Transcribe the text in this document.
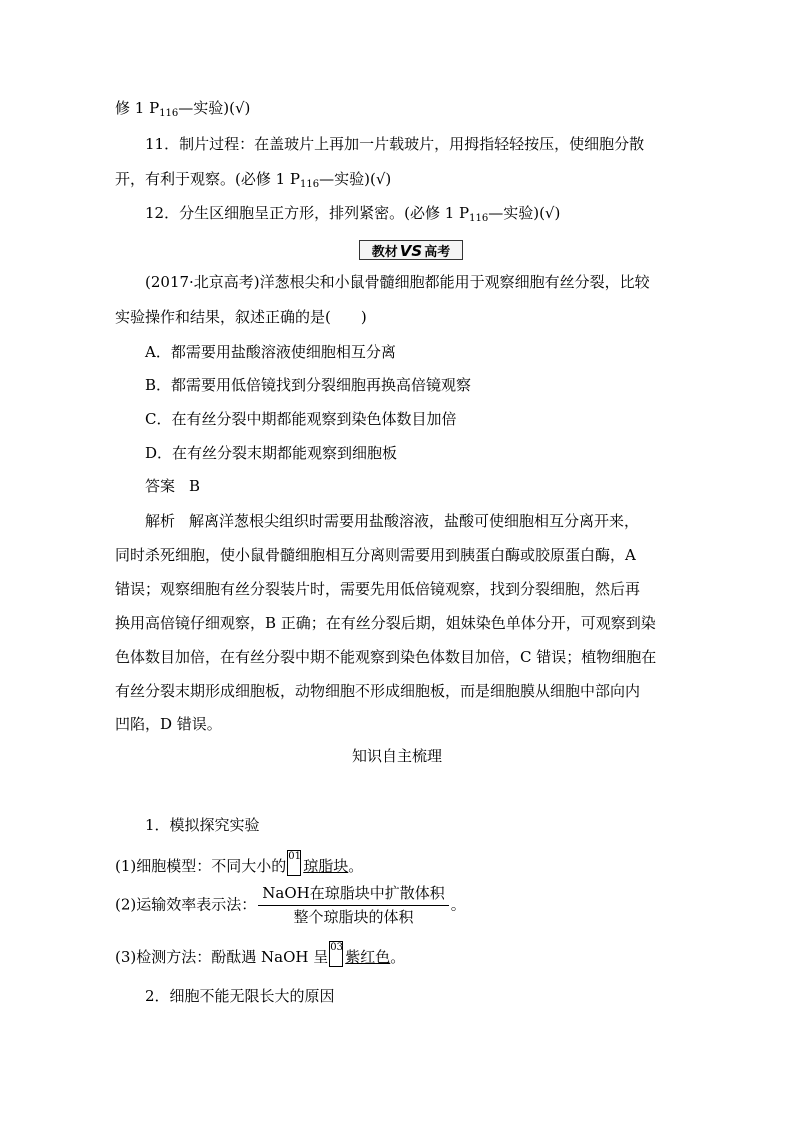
修 1 $P_{116}—$实验)(√)
11．制片过程：在盖玻片上再加一片载玻片，用拇指轻轻按压，使细胞分散
开，有利于观察。(必修 1 $P_{116}—$实验)(√)
12．分生区细胞呈正方形，排列紧密。(必修 1 $P_{116}—$实验)(√)
教材 VS 高考
(2017·北京高考)洋葱根尖和小鼠骨髓细胞都能用于观察细胞有丝分裂，比较
实验操作和结果，叙述正确的是(　　)
A．都需要用盐酸溶液使细胞相互分离
B．都需要用低倍镜找到分裂细胞再换高倍镜观察
C．在有丝分裂中期都能观察到染色体数目加倍
D．在有丝分裂末期都能观察到细胞板
答案 B
解析 解离洋葱根尖组织时需要用盐酸溶液，盐酸可使细胞相互分离开来，
同时杀死细胞，使小鼠骨髓细胞相互分离则需要用到胰蛋白酶或胶原蛋白酶，A
错误；观察细胞有丝分裂装片时，需要先用低倍镜观察，找到分裂细胞，然后再
换用高倍镜仔细观察，B 正确；在有丝分裂后期，姐妹染色单体分开，可观察到染
色体数目加倍，在有丝分裂中期不能观察到染色体数目加倍，C 错误；植物细胞在
有丝分裂末期形成细胞板，动物细胞不形成细胞板，而是细胞膜从细胞中部向内
凹陷，D 错误。
知识自主梳理
1．模拟探究实验
(1)细胞模型：不同大小的
01
琼脂块。
(2)运输效率表示法： $\frac{\text{NaOH在琼脂块中扩散体积}}{\text{整个琼脂块的体积}}$ 。
(3)检测方法：酚酞遇 NaOH 呈
03
紫红色。
2．细胞不能无限长大的原因
